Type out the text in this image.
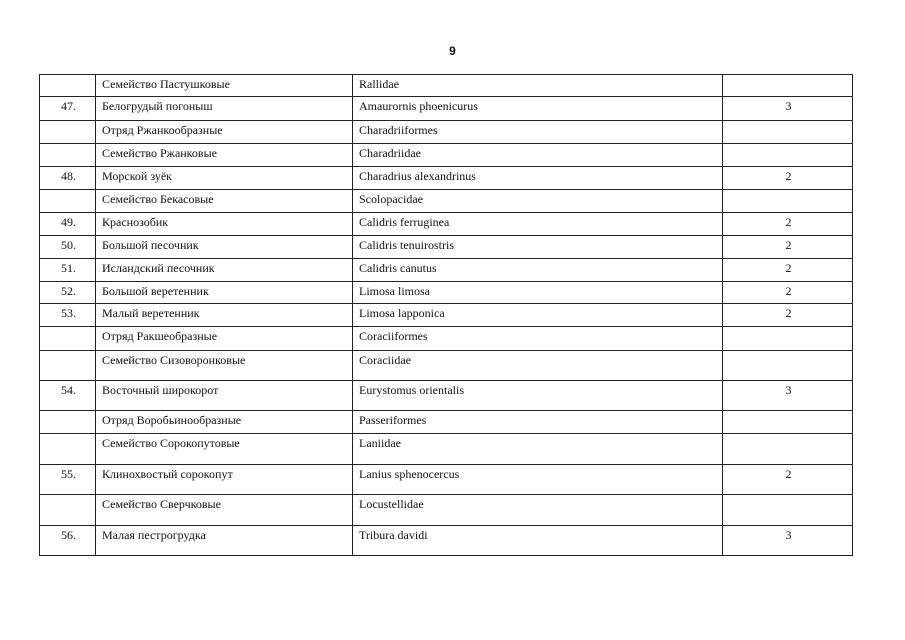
9

	Семейство Пастушковые	Rallidae	

47.	Белогрудый погоныш	Amaurornis phoenicurus	3

	Отряд Ржанкообразные	Charadriiformes	

	Семейство Ржанковые	Charadriidae	

48.	Морской зуёк	Charadrius alexandrinus	2

	Семейство Бекасовые	Scolopacidae	

49.	Краснозобик	Calidris ferruginea	2

50.	Большой песочник	Calidris tenuirostris	2

51.	Исландский песочник	Calidris canutus	2

52.	Большой веретенник	Limosa limosa	2

53.	Малый веретенник	Limosa lapponica	2

	Отряд Ракшеобразные	Coraciiformes	

	Семейство Сизоворонковые	Coraciidae	

54.	Восточный широкорот	Eurystomus orientalis	3

	Отряд Воробьинообразные	Passeriformes	

	Семейство Сорокопутовые	Laniidae	

55.	Клинохвостый сорокопут	Lanius sphenocercus	2

	Семейство Сверчковые	Locustellidae	

56.	Малая пестрогрудка	Tribura davidi	3
